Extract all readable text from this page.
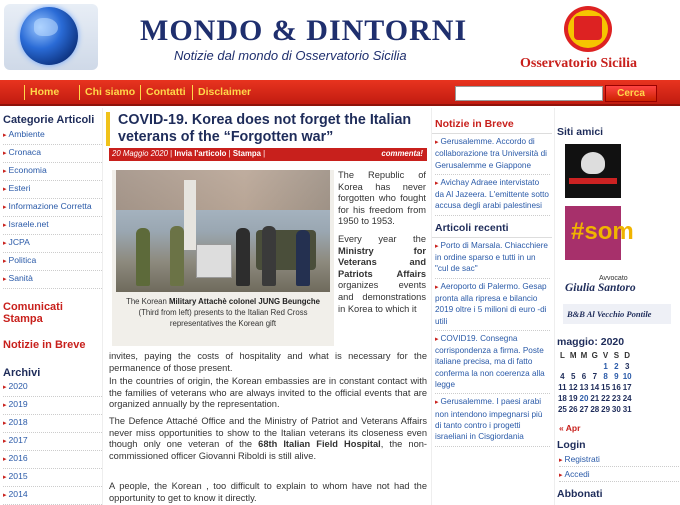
MONDO & DINTORNI
Notizie dal mondo di Osservatorio Sicilia
Osservatorio Sicilia
Home Chi siamo Contatti Disclaimer	Cerca
Categorie Articoli
▸ Ambiente
▸ Cronaca
▸ Economia
▸ Esteri
▸ Informazione Corretta
▸ Israele.net
▸ JCPA
▸ Politica
▸ Sanità
Comunicati Stampa
Notizie in Breve
Archivi
▸ 2020
▸ 2019
▸ 2018
▸ 2017
▸ 2016
▸ 2015
▸ 2014
COVID-19. Korea does not forget the Italian veterans of the “Forgotten war”
20 Maggio 2020 | Invia l'articolo | Stampa |	commenta!
The Korean Military Attachè colonel JUNG Beungche (Third from left) presents to the Italian Red Cross representatives the Korean gift

The Republic of Korea has never forgotten who fought for his freedom from 1950 to 1953.

Every year the Ministry for Veterans and Patriots Affairs organizes events and demonstrations in Korea to which it

invites, paying the costs of hospitality and what is necessary for the permanence of those present.

In the countries of origin, the Korean embassies are in constant contact with the families of veterans who are always invited to the official events that are organized annually by the representation.

The Defence Attaché Office and the Ministry of Patriot and Veterans Affairs never miss opportunities to show to the Italian veterans its closeness even though only one veteran of the 68th Italian Field Hospital, the non-commissioned officer Giovanni Riboldi is still alive.

A people, the Korean , too difficult to explain to whom have not had the opportunity to get to know it directly.

Notizie in Breve
▸ Gerusalemme. Accordo di collaborazione tra Università di Gerusalemme e Giappone
▸ Avichay Adraee intervistato da Al Jazeera. L'emittente sotto accusa degli arabi palestinesi
Articoli recenti
▸ Porto di Marsala. Chiacchiere in ordine sparso e tutti in un "cul de sac"
▸ Aeroporto di Palermo. Gesap pronta alla ripresa e bilancio 2019 oltre i 5 milioni di euro -di utili
▸ COVID19. Consegna corrispondenza a firma. Poste italiane precisa, ma di fatto conferma la non coerenza alla legge
▸ Gerusalemme. I paesi arabi non intendono impegnarsi più di tanto contro i progetti israeliani in Cisgiordania
Siti amici
#som
Avvocato
Giulia Santoro
B&B Al Vecchio Pontile
maggio: 2020
L	M	M	G	V	S	D
				1	2	3
4	5	6	7	8	9	10
11	12	13	14	15	16	17
18	19	20	21	22	23	24
25	26	27	28	29	30	31
« Apr
Login
▸ Registrati
▸ Accedi
Abbonati
